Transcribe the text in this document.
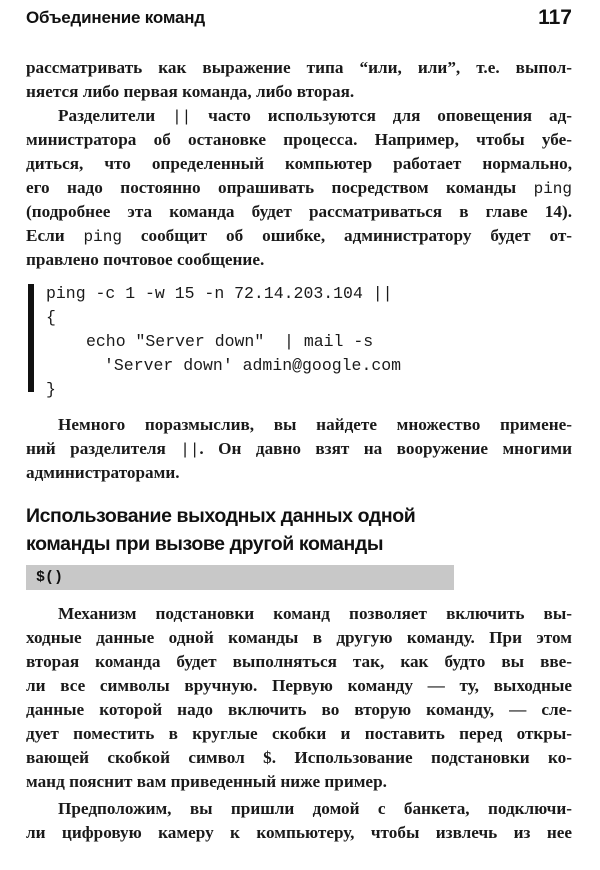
Объединение команд	117
рассматривать как выражение типа “или, или”, т.е. выпол-
няется либо первая команда, либо вторая.
Разделители || часто используются для оповещения ад-
министратора об остановке процесса. Например, чтобы убе-
диться, что определенный компьютер работает нормально,
его надо постоянно опрашивать посредством команды ping
(подробнее эта команда будет рассматриваться в главе 14).
Если ping сообщит об ошибке, администратору будет от-
правлено почтовое сообщение.
ping -c 1 -w 15 -n 72.14.203.104 ||
{
echo "Server down"  | mail -s
'Server down' admin@google.com
}
Немного поразмыслив, вы найдете множество примене-
ний разделителя ||. Он давно взят на вооружение многими
администраторами.
Использование выходных данных одной
команды при вызове другой команды
$()
Механизм подстановки команд позволяет включить вы-
ходные данные одной команды в другую команду. При этом
вторая команда будет выполняться так, как будто вы вве-
ли все символы вручную. Первую команду — ту, выходные
данные которой надо включить во вторую команду, — сле-
дует поместить в круглые скобки и поставить перед откры-
вающей скобкой символ $. Использование подстановки ко-
манд пояснит вам приведенный ниже пример.
Предположим, вы пришли домой с банкета, подключи-
ли цифровую камеру к компьютеру, чтобы извлечь из нее
